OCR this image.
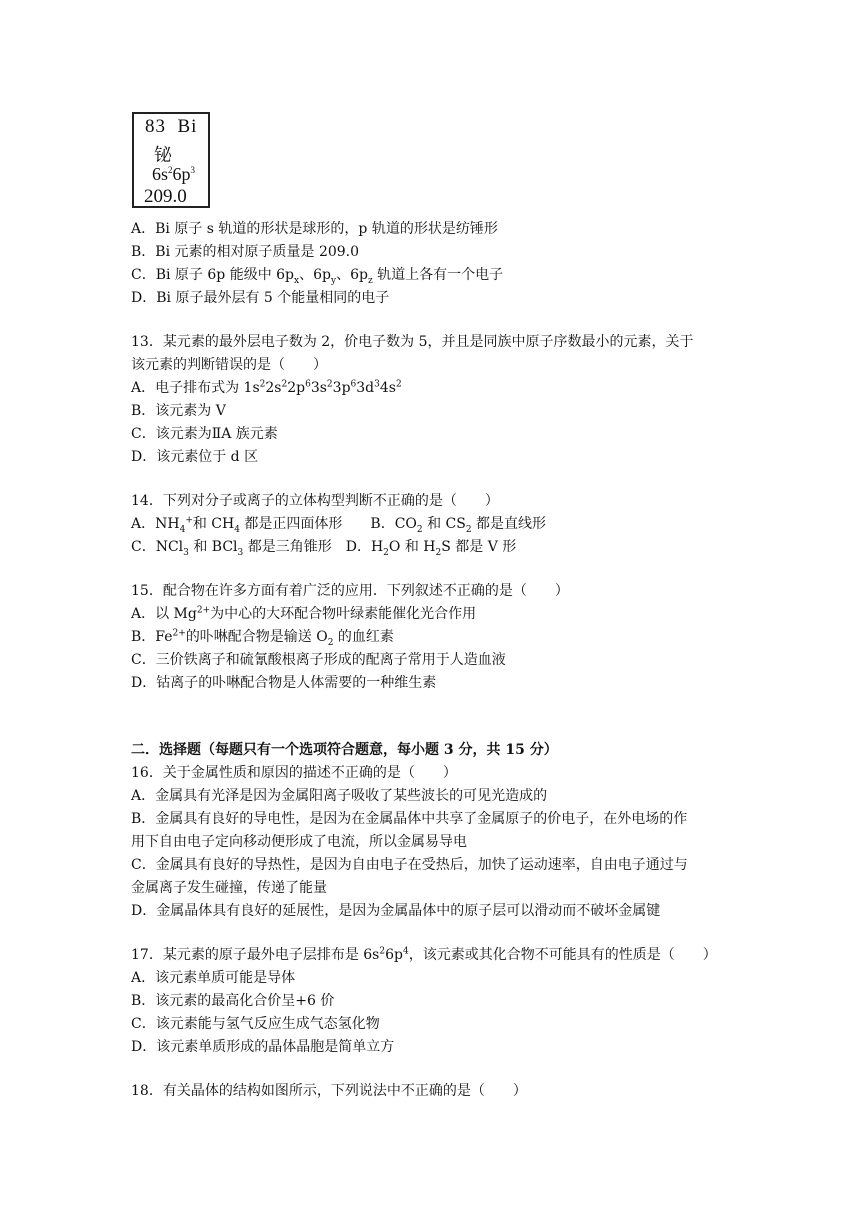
83 Bi
铋
$6s^26p^3$
209.0
A．Bi 原子 s 轨道的形状是球形的，p 轨道的形状是纺锤形
B．Bi 元素的相对原子质量是 209.0
C．Bi 原子 6p 能级中 $6p_x$、$6p_y$、$6p_z$ 轨道上各有一个电子
D．Bi 原子最外层有 5 个能量相同的电子
13．某元素的最外层电子数为 2，价电子数为 5，并且是同族中原子序数最小的元素，关于
该元素的判断错误的是（　　）
A．电子排布式为 $1s^22s^22p^63s^23p^63d^34s^2$
B．该元素为 V
C．该元素为ⅡA 族元素
D．该元素位于 d 区
14．下列对分子或离子的立体构型判断不正确的是（　　）
A．$NH_4^+$和 $CH_4$ 都是正四面体形　　B．$CO_2$ 和 $CS_2$ 都是直线形
C．NCl$_3$ 和 BCl$_3$ 都是三角锥形　D．$H_2O$ 和 $H_2S$ 都是 V 形
15．配合物在许多方面有着广泛的应用．下列叙述不正确的是（　　）
A．以 $Mg^{2+}$为中心的大环配合物叶绿素能催化光合作用
B．$Fe^{2+}$的卟啉配合物是输送 $O_2$ 的血红素
C．三价铁离子和硫氰酸根离子形成的配离子常用于人造血液
D．钴离子的卟啉配合物是人体需要的一种维生素
二．选择题（每题只有一个选项符合题意，每小题 3 分，共 15 分）
16．关于金属性质和原因的描述不正确的是（　　）
A．金属具有光泽是因为金属阳离子吸收了某些波长的可见光造成的
B．金属具有良好的导电性，是因为在金属晶体中共享了金属原子的价电子，在外电场的作
用下自由电子定向移动便形成了电流，所以金属易导电
C．金属具有良好的导热性，是因为自由电子在受热后，加快了运动速率，自由电子通过与
金属离子发生碰撞，传递了能量
D．金属晶体具有良好的延展性，是因为金属晶体中的原子层可以滑动而不破坏金属键
17．某元素的原子最外电子层排布是 $6s^26p^4$，该元素或其化合物不可能具有的性质是（　　）
A．该元素单质可能是导体
B．该元素的最高化合价呈+6 价
C．该元素能与氢气反应生成气态氢化物
D．该元素单质形成的晶体晶胞是简单立方
18．有关晶体的结构如图所示，下列说法中不正确的是（　　）
